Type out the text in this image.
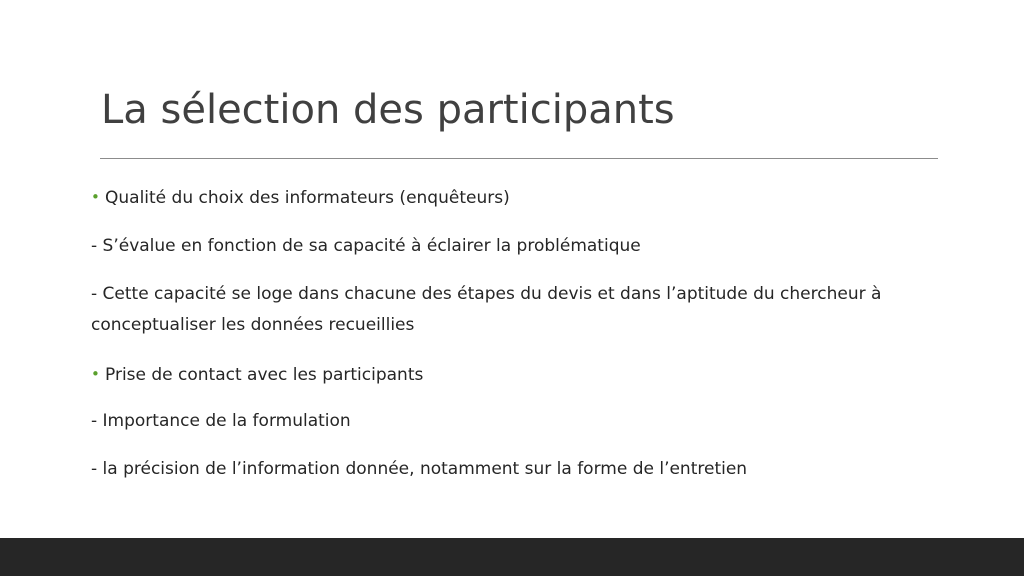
La sélection des participants
• Qualité du choix des informateurs (enquêteurs)
- S’évalue en fonction de sa capacité à éclairer la problématique
- Cette capacité se loge dans chacune des étapes du devis et dans l’aptitude du chercheur à conceptualiser les données recueillies
• Prise de contact avec les participants
- Importance de la formulation
- la précision de l’information donnée, notamment sur la forme de l’entretien
